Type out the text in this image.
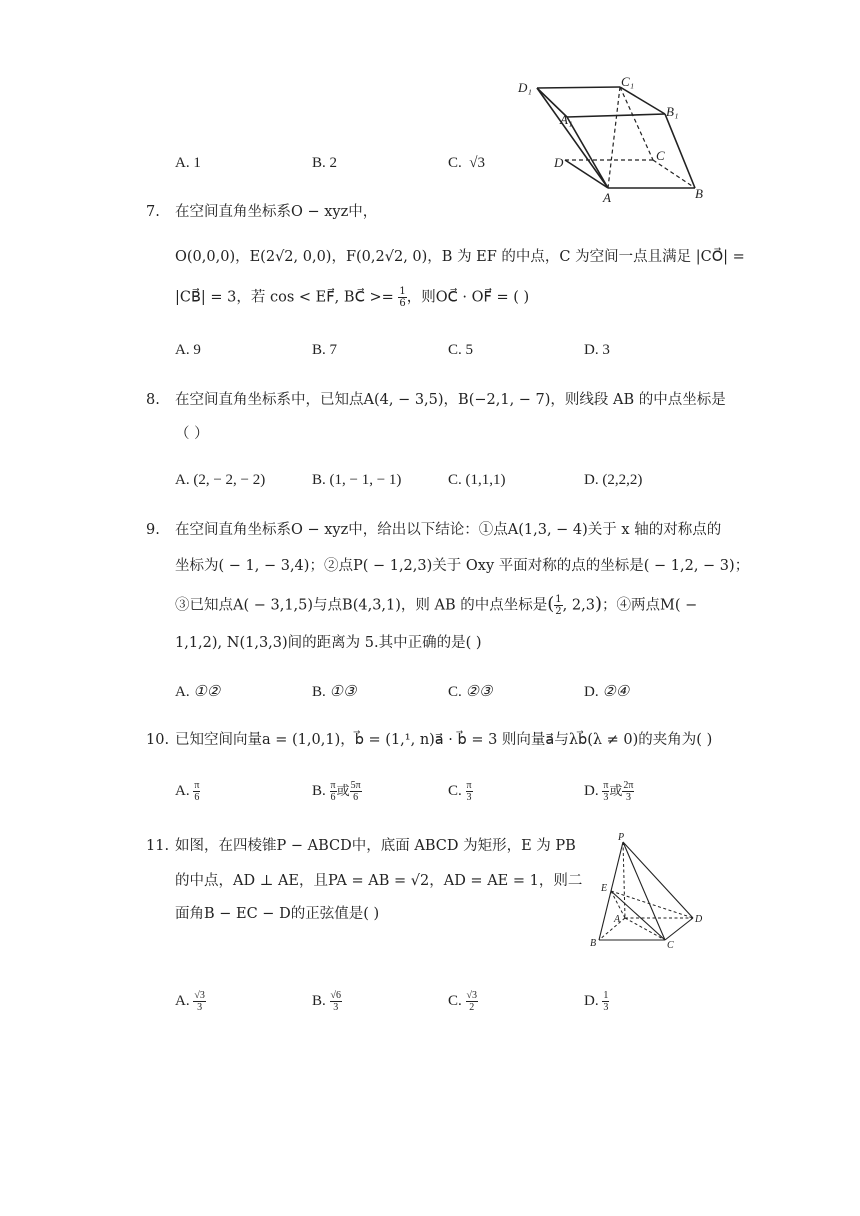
A. 1	B. 2	C. √3
D₁	C₁
B₁
A₁
D	C
A	B
7. 在空间直角坐标系O − xyz中，
O(0,0,0)，E(2√2, 0,0)，F(0,2√2, 0)，B 为 EF 的中点，C 为空间一点且满足 |CO⃗| =
|CB⃗| = 3，若 cos < EF⃗, BC⃗ >= $\frac{1}{6}$ ，则OC⃗ · OF⃗ = ( )
A. 9	B. 7	C. 5	D. 3
8. 在空间直角坐标系中，已知点A(4, − 3,5)，B(−2,1, − 7)，则线段 AB 的中点坐标是
（ ）
A. (2, − 2, − 2)	B. (1, − 1, − 1)	C. (1,1,1)	D. (2,2,2)
9. 在空间直角坐标系O − xyz中，给出以下结论：①点A(1,3, − 4)关于 x 轴的对称点的
坐标为( − 1, − 3,4)；②点P( − 1,2,3)关于 Oxy 平面对称的点的坐标是( − 1,2, − 3)；
③已知点A( − 3,1,5)与点B(4,3,1)，则 AB 的中点坐标是( $\frac{1}{2}$ , 2,3)；④两点M( −
1,1,2), N(1,3,3)间的距离为 5.其中正确的是( )
A. ①②	B. ①③	C. ②③	D. ②④
10. 已知空间向量a = (1,0,1)，b⃗ = (1,¹, n)a⃗ · b⃗ = 3 则向量a⃗与λb⃗(λ ≠ 0)的夹角为( )
A. $\frac{\pi}{6}$	B. $\frac{\pi}{6}$ 或 $\frac{5\pi}{6}$	C. $\frac{\pi}{3}$	D. $\frac{\pi}{3}$ 或 $\frac{2\pi}{3}$
11. 如图，在四棱锥P − ABCD中，底面 ABCD 为矩形，E 为 PB
的中点，AD ⊥ AE，且PA = AB = √2，AD = AE = 1，则二
面角B − EC − D的正弦值是( )
P
E
A	D
B	C
A. $\frac{√3}{3}$	B. $\frac{√6}{3}$	C. $\frac{√3}{2}$	D. $\frac{1}{3}$
